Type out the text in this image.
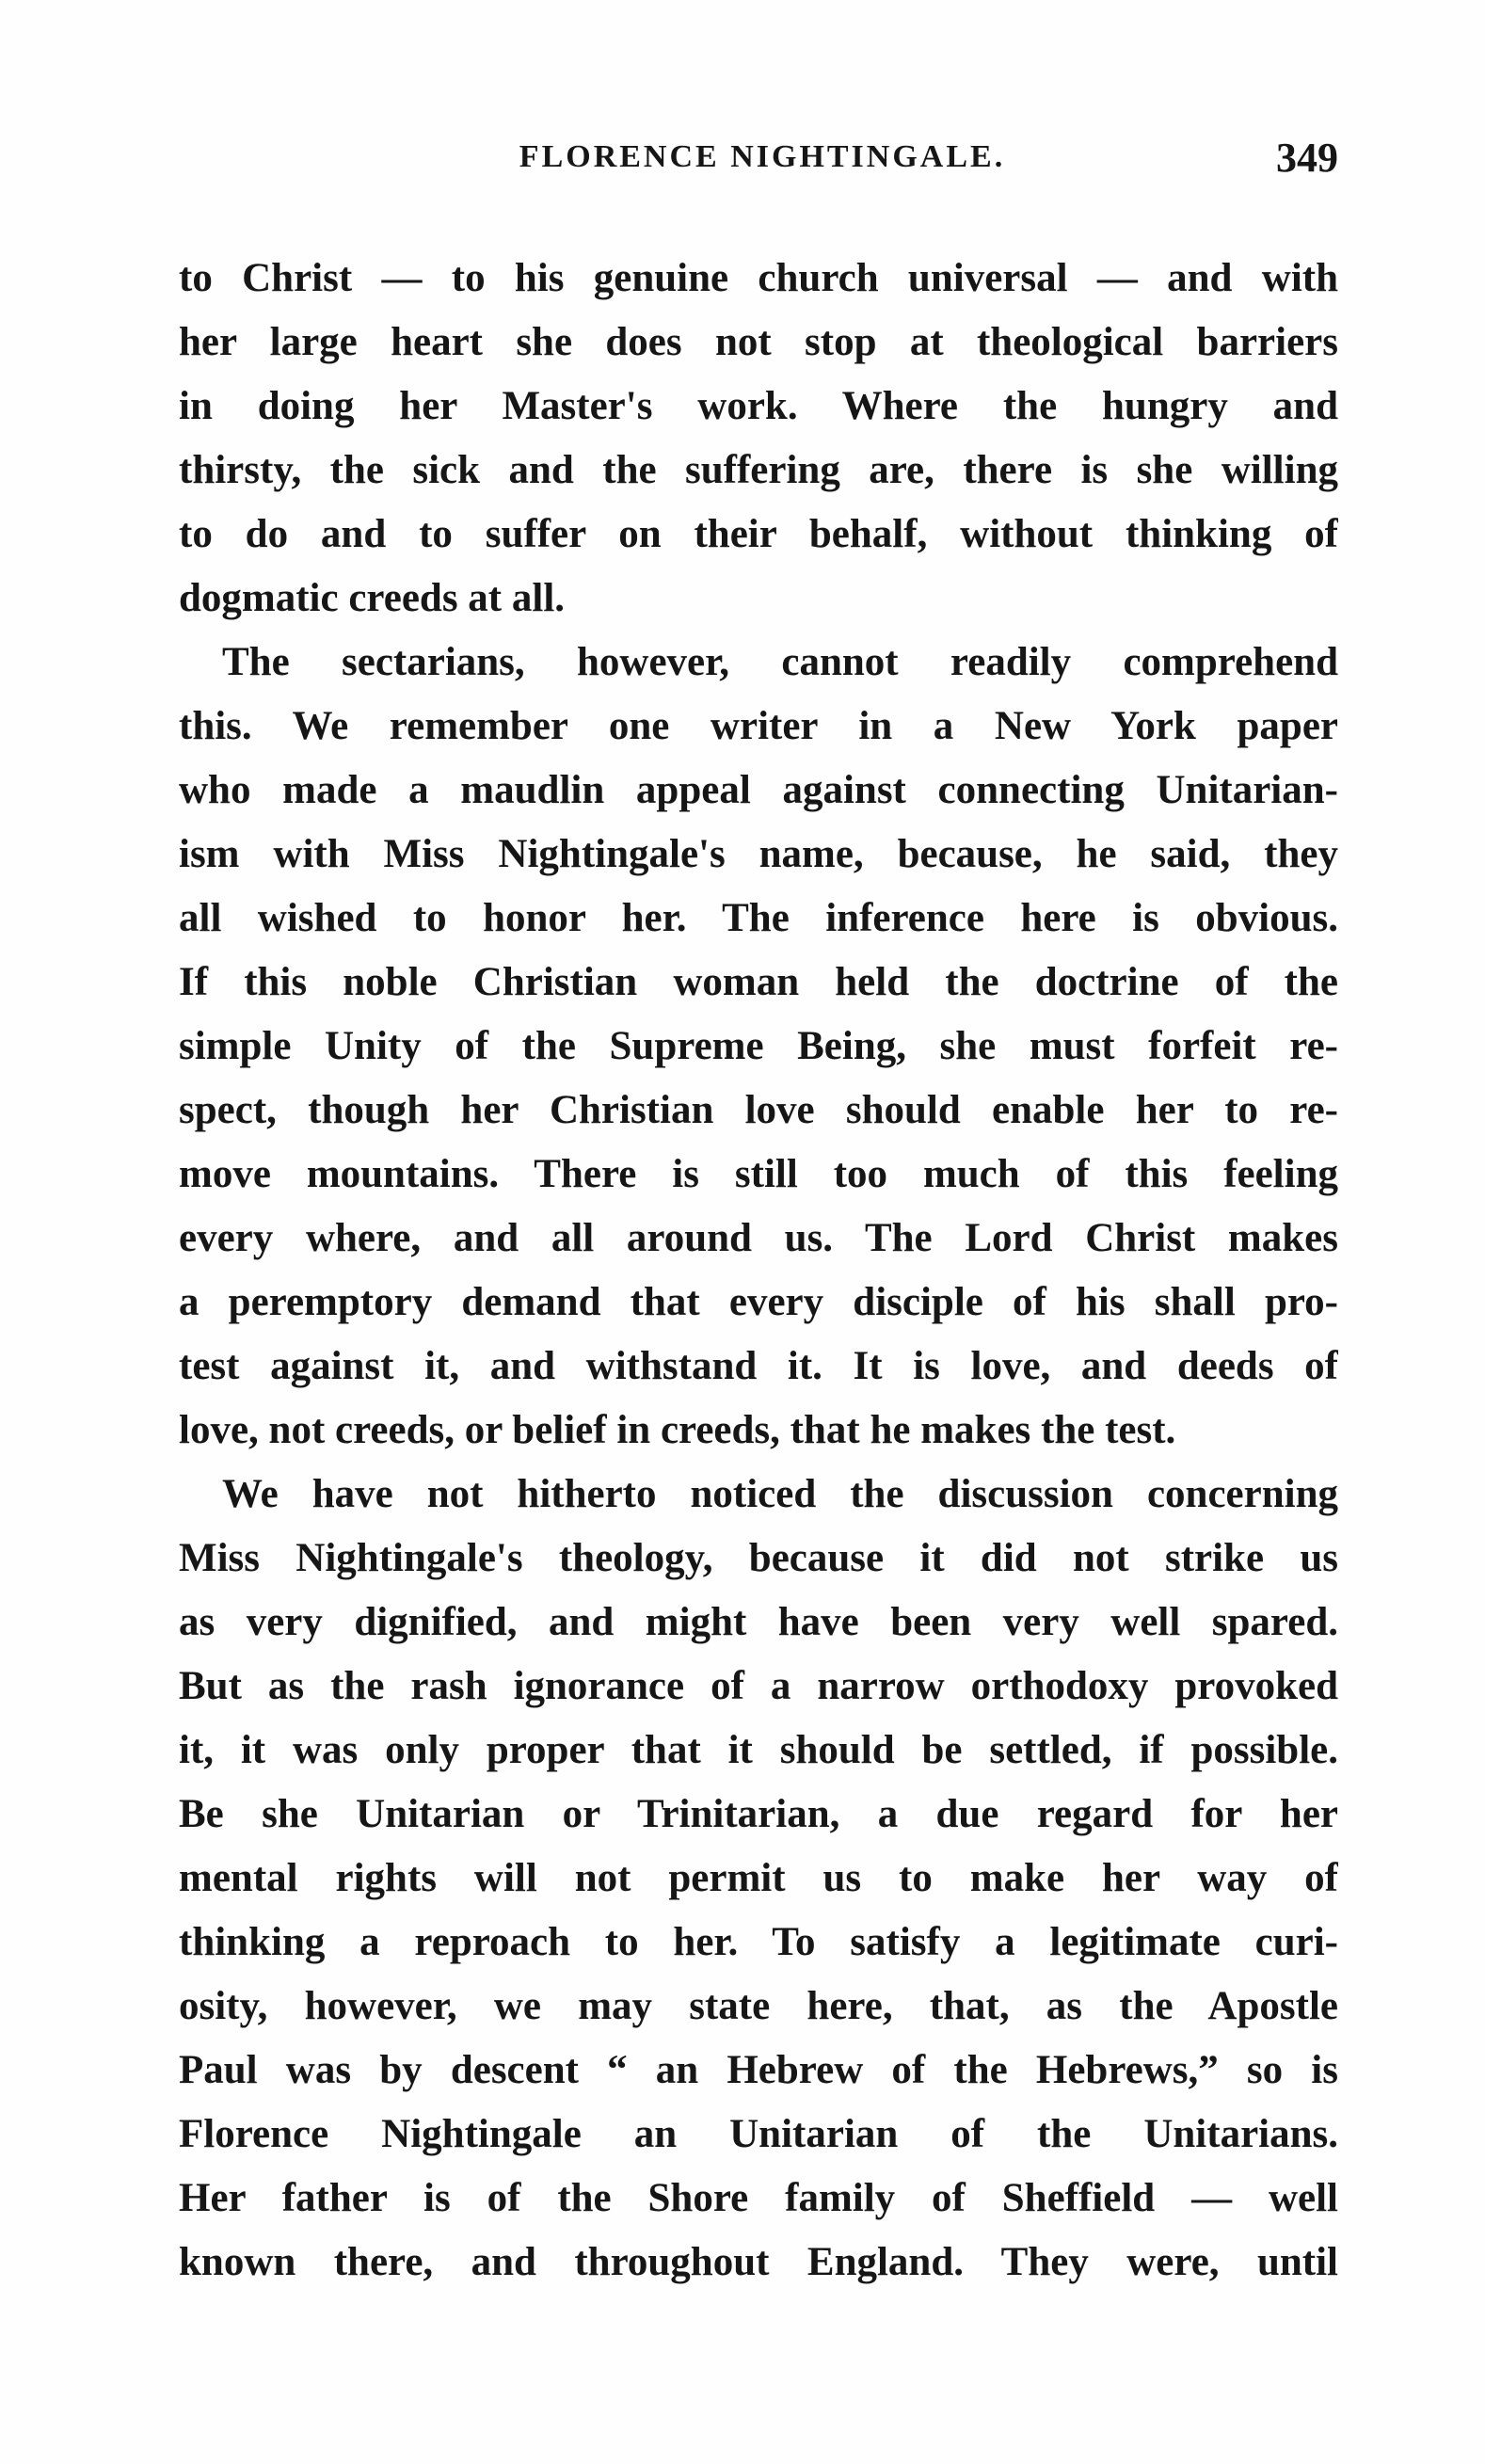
FLORENCE NIGHTINGALE.	349
to Christ — to his genuine church universal — and with
her large heart she does not stop at theological barriers
in doing her Master's work. Where the hungry and
thirsty, the sick and the suffering are, there is she willing
to do and to suffer on their behalf, without thinking of
dogmatic creeds at all.
The sectarians, however, cannot readily comprehend
this. We remember one writer in a New York paper
who made a maudlin appeal against connecting Unitarian-
ism with Miss Nightingale's name, because, he said, they
all wished to honor her. The inference here is obvious.
If this noble Christian woman held the doctrine of the
simple Unity of the Supreme Being, she must forfeit re-
spect, though her Christian love should enable her to re-
move mountains. There is still too much of this feeling
every where, and all around us. The Lord Christ makes
a peremptory demand that every disciple of his shall pro-
test against it, and withstand it. It is love, and deeds of
love, not creeds, or belief in creeds, that he makes the test.
We have not hitherto noticed the discussion concerning
Miss Nightingale's theology, because it did not strike us
as very dignified, and might have been very well spared.
But as the rash ignorance of a narrow orthodoxy provoked
it, it was only proper that it should be settled, if possible.
Be she Unitarian or Trinitarian, a due regard for her
mental rights will not permit us to make her way of
thinking a reproach to her. To satisfy a legitimate curi-
osity, however, we may state here, that, as the Apostle
Paul was by descent “ an Hebrew of the Hebrews,” so is
Florence Nightingale an Unitarian of the Unitarians.
Her father is of the Shore family of Sheffield — well
known there, and throughout England. They were, until
